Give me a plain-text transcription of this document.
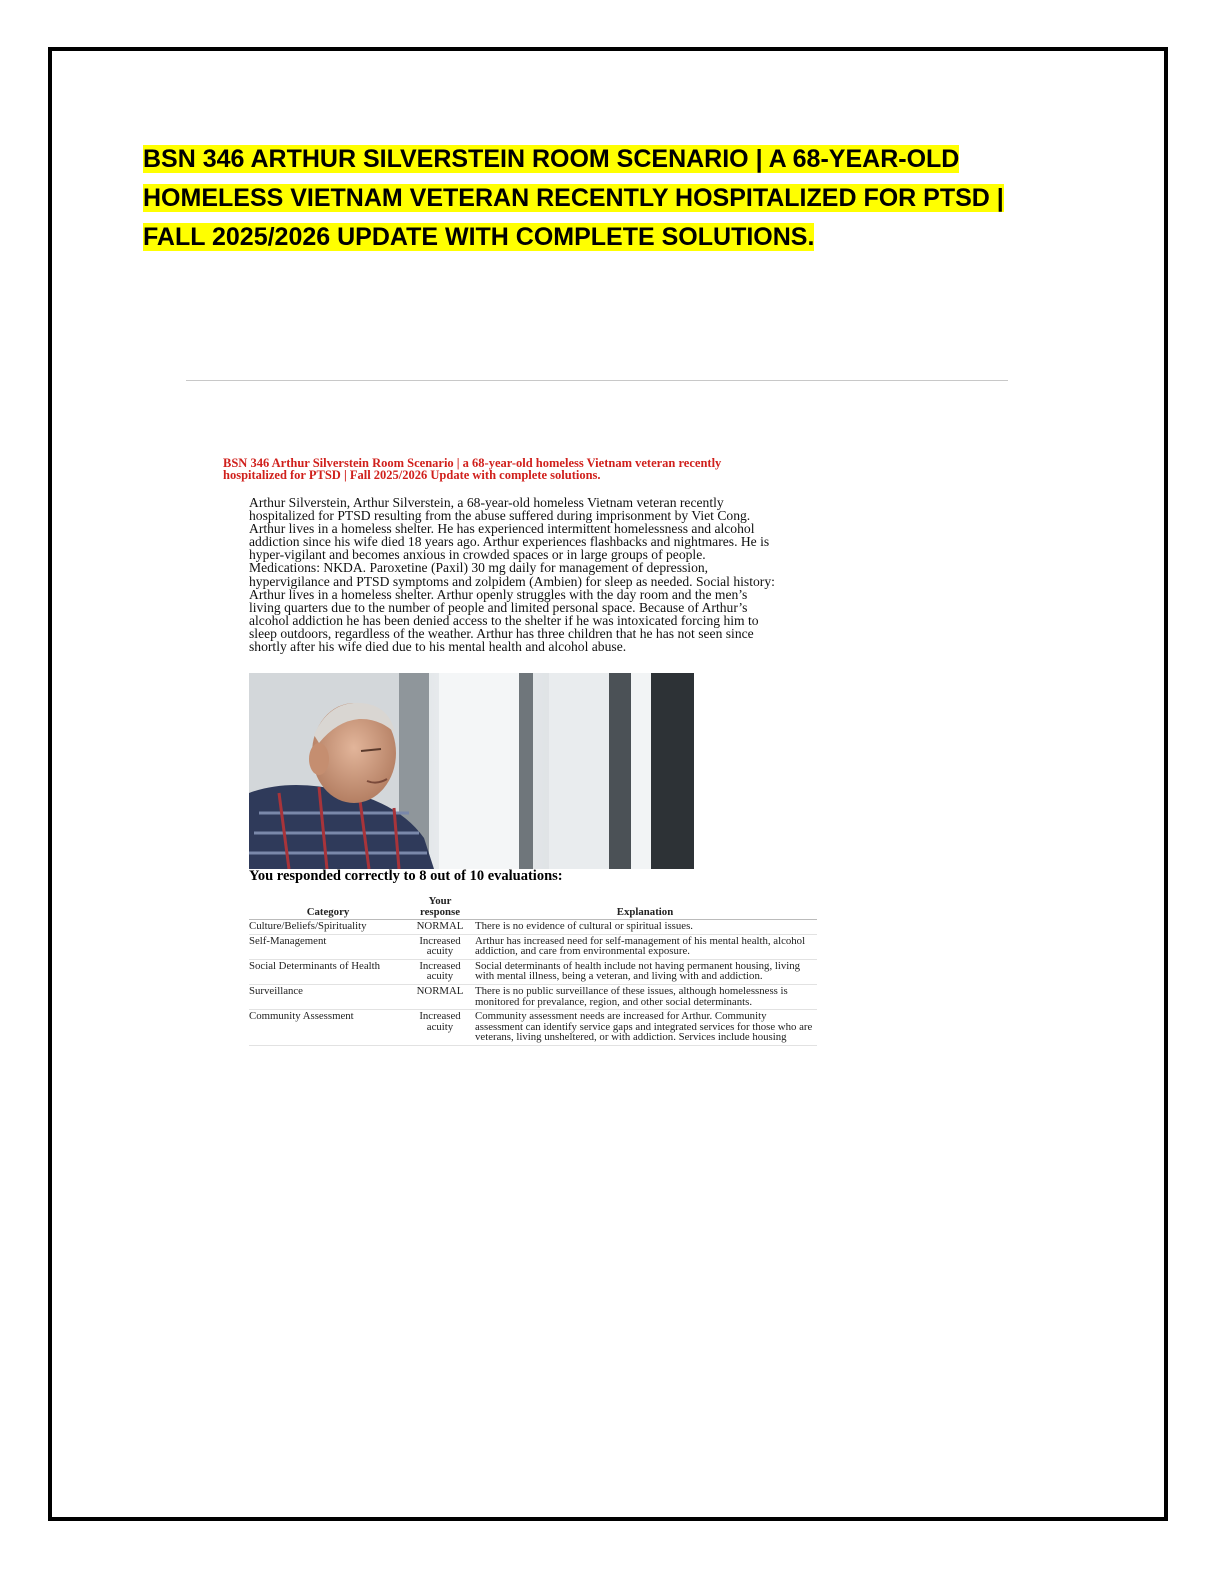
BSN 346 ARTHUR SILVERSTEIN ROOM SCENARIO | A 68-YEAR-OLD
HOMELESS VIETNAM VETERAN RECENTLY HOSPITALIZED FOR PTSD |
FALL 2025/2026 UPDATE WITH COMPLETE SOLUTIONS.

BSN 346 Arthur Silverstein Room Scenario | a 68-year-old homeless Vietnam veteran recently
hospitalized for PTSD | Fall 2025/2026 Update with complete solutions.

Arthur Silverstein, Arthur Silverstein, a 68-year-old homeless Vietnam veteran recently
hospitalized for PTSD resulting from the abuse suffered during imprisonment by Viet Cong.
Arthur lives in a homeless shelter. He has experienced intermittent homelessness and alcohol
addiction since his wife died 18 years ago. Arthur experiences flashbacks and nightmares. He is
hyper-vigilant and becomes anxious in crowded spaces or in large groups of people.
Medications: NKDA. Paroxetine (Paxil) 30 mg daily for management of depression,
hypervigilance and PTSD symptoms and zolpidem (Ambien) for sleep as needed. Social history:
Arthur lives in a homeless shelter. Arthur openly struggles with the day room and the men’s
living quarters due to the number of people and limited personal space. Because of Arthur’s
alcohol addiction he has been denied access to the shelter if he was intoxicated forcing him to
sleep outdoors, regardless of the weather. Arthur has three children that he has not seen since
shortly after his wife died due to his mental health and alcohol abuse.

You responded correctly to 8 out of 10 evaluations:

Category	Your response	Explanation
Culture/Beliefs/Spirituality	NORMAL	There is no evidence of cultural or spiritual issues.
Self-Management	Increased acuity	Arthur has increased need for self-management of his mental health, alcohol addiction, and care from environmental exposure.
Social Determinants of Health	Increased acuity	Social determinants of health include not having permanent housing, living with mental illness, being a veteran, and living with and addiction.
Surveillance	NORMAL	There is no public surveillance of these issues, although homelessness is monitored for prevalance, region, and other social determinants.
Community Assessment	Increased acuity	Community assessment needs are increased for Arthur. Community assessment can identify service gaps and integrated services for those who are veterans, living unsheltered, or with addiction. Services include housing
